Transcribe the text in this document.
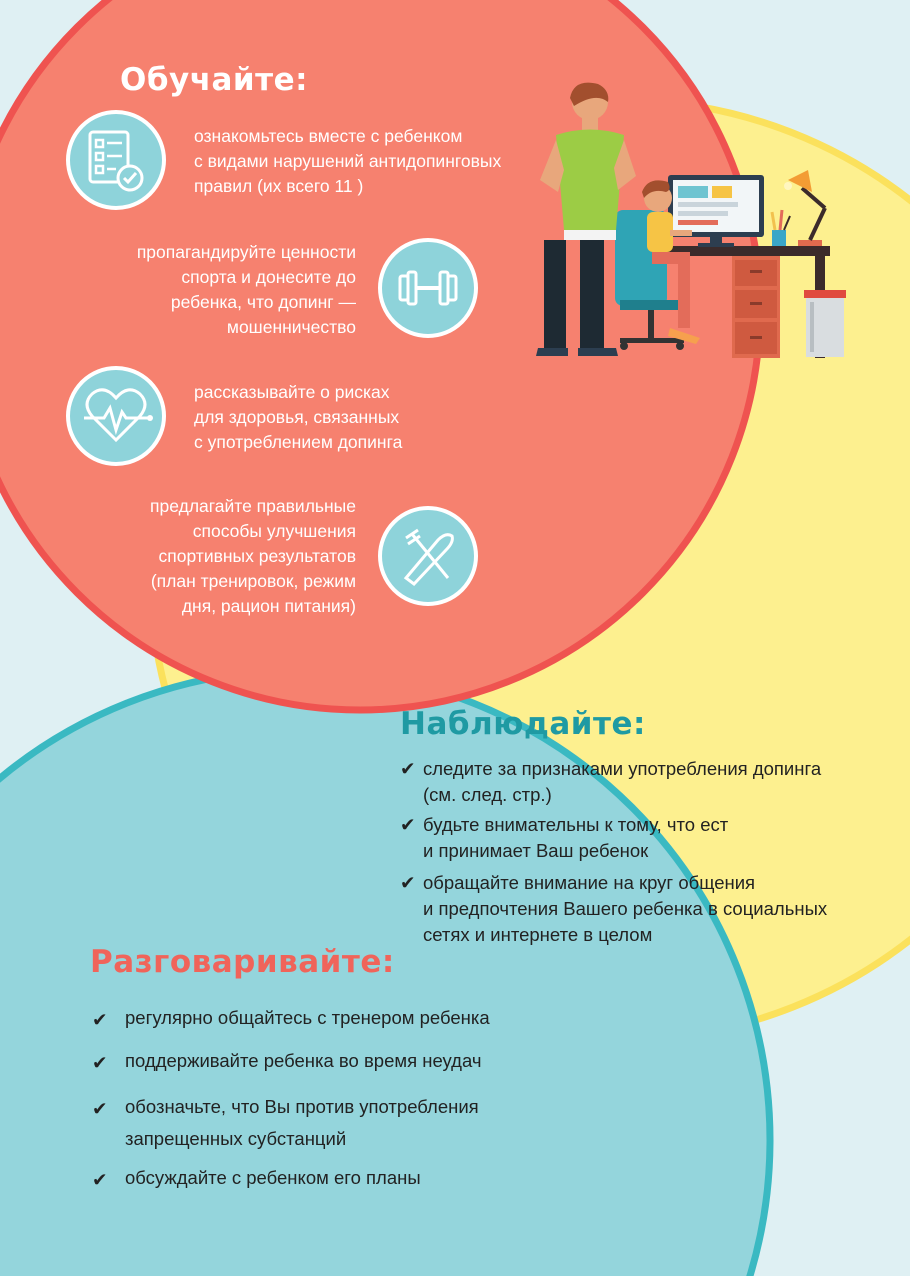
Обучайте:
ознакомьтесь вместе с ребенком
с видами нарушений антидопинговых
правил (их всего 11 )
пропагандируйте ценности
спорта и донесите до
ребенка, что допинг —
мошенничество
рассказывайте о рисках
для здоровья, связанных
с употреблением допинга
предлагайте правильные
способы улучшения
спортивных результатов
(план тренировок, режим
дня, рацион питания)
Наблюдайте:
✔ следите за признаками употребления допинга
(см. след. стр.)
✔ будьте внимательны к тому, что ест
и принимает Ваш ребенок
✔ обращайте внимание на круг общения
и предпочтения Вашего ребенка в социальных
сетях и интернете в целом
Разговаривайте:
✔ регулярно общайтесь с тренером ребенка
✔ поддерживайте ребенка во время неудач
✔ обозначьте, что Вы против употребления
запрещенных субстанций
✔ обсуждайте с ребенком его планы
